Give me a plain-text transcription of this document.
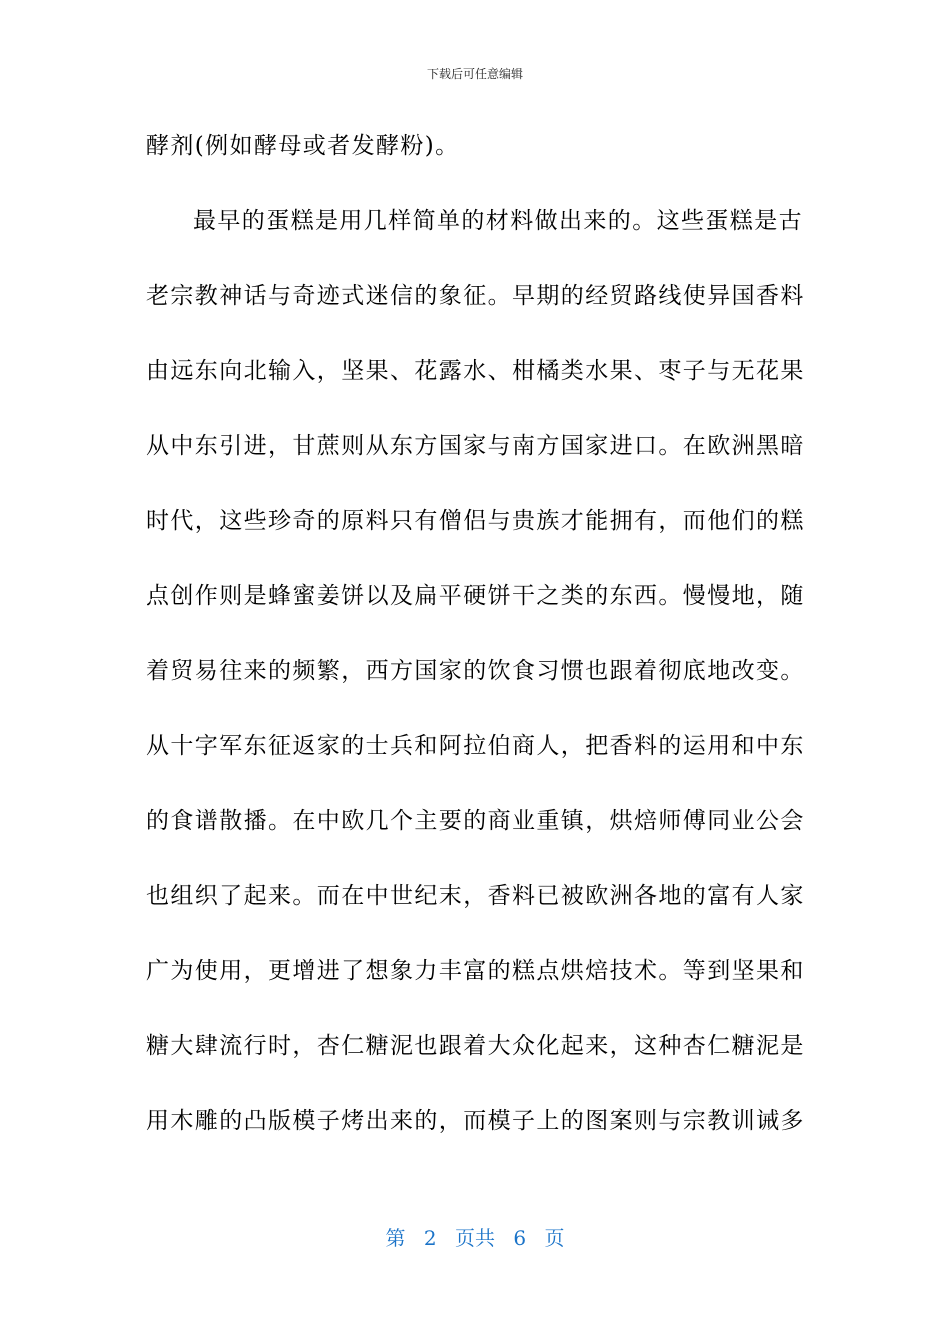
下载后可任意编辑
酵剂(例如酵母或者发酵粉)。
最早的蛋糕是用几样简单的材料做出来的。这些蛋糕是古
老宗教神话与奇迹式迷信的象征。早期的经贸路线使异国香料
由远东向北输入，坚果、花露水、柑橘类水果、枣子与无花果
从中东引进，甘蔗则从东方国家与南方国家进口。在欧洲黑暗
时代，这些珍奇的原料只有僧侣与贵族才能拥有，而他们的糕
点创作则是蜂蜜姜饼以及扁平硬饼干之类的东西。慢慢地，随
着贸易往来的频繁，西方国家的饮食习惯也跟着彻底地改变。
从十字军东征返家的士兵和阿拉伯商人，把香料的运用和中东
的食谱散播。在中欧几个主要的商业重镇，烘焙师傅同业公会
也组织了起来。而在中世纪末，香料已被欧洲各地的富有人家
广为使用，更增进了想象力丰富的糕点烘焙技术。等到坚果和
糖大肆流行时，杏仁糖泥也跟着大众化起来，这种杏仁糖泥是
用木雕的凸版模子烤出来的，而模子上的图案则与宗教训诫多
第 2 页共 6 页
